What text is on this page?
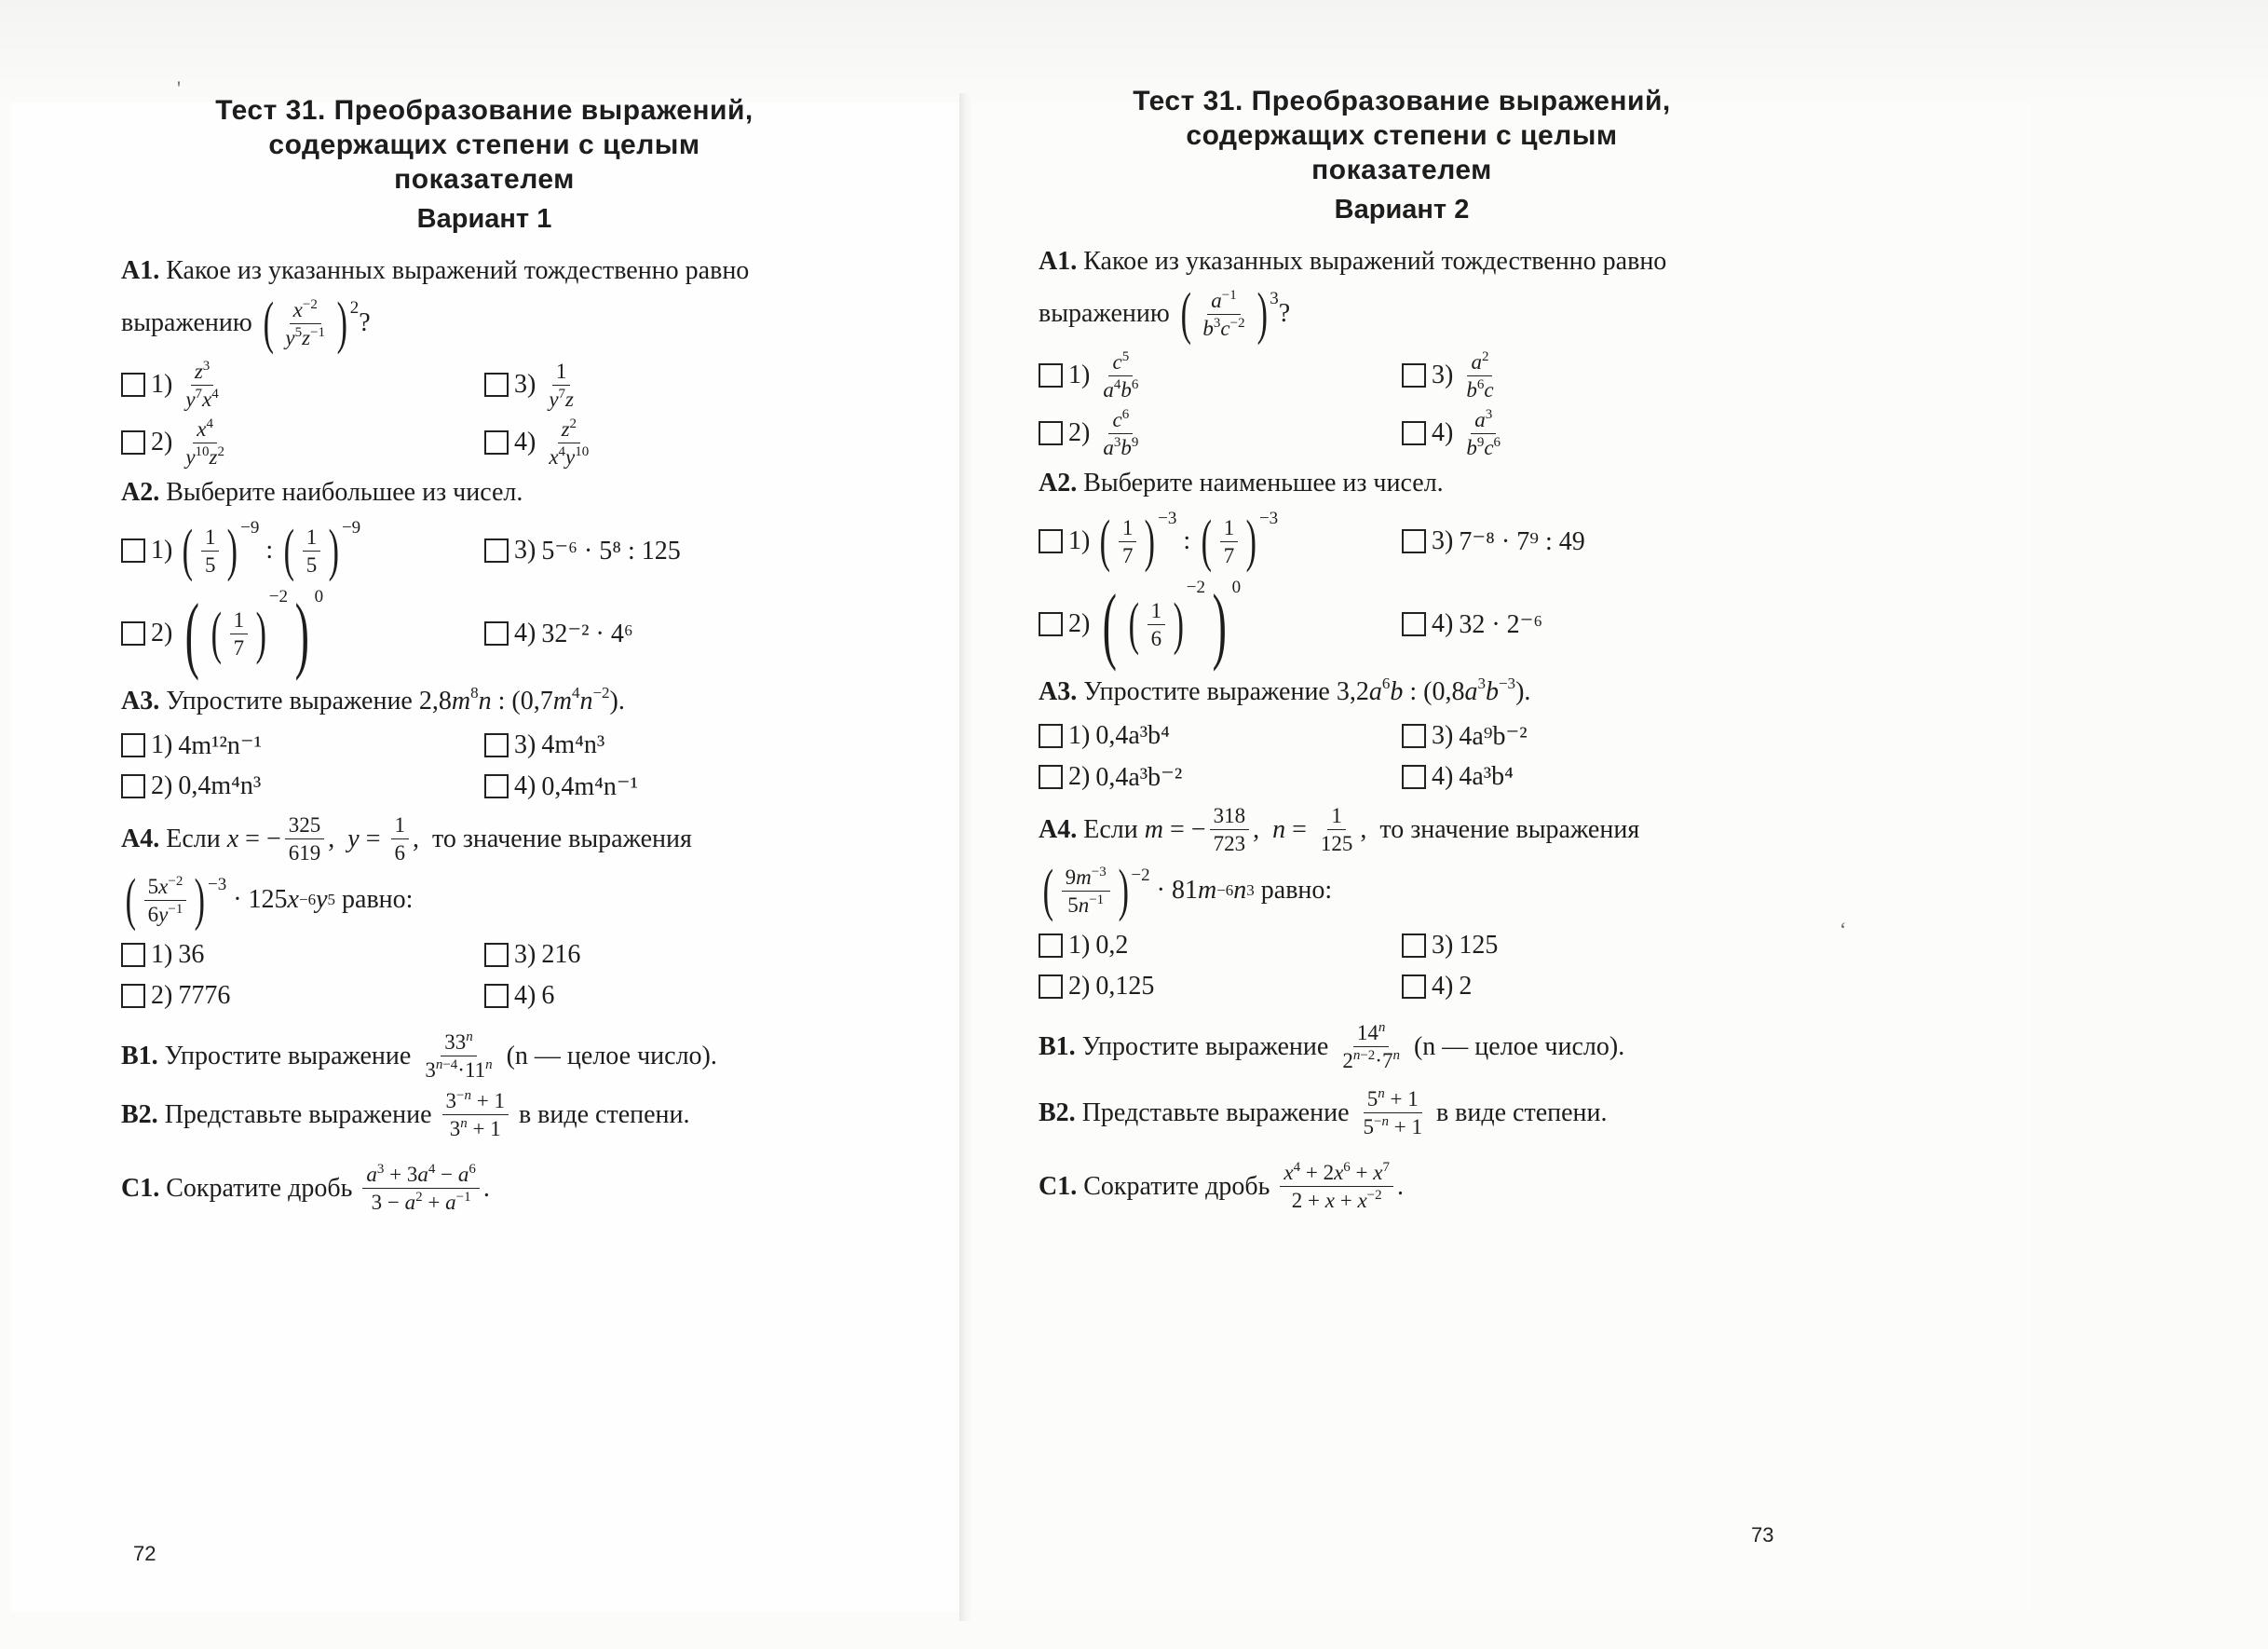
'
‘
Тест 31. Преобразование выражений,
содержащих степени с целым
показателем
Вариант 1
А1. Какое из указанных выражений тождественно равно
выражению
( $\frac{x^{-2}}{y^5z^{-1}}$ ) 2
?
$1) \frac{z^3}{y^7x^4}$	$3) \frac{1}{y^7z}$
$2) \frac{x^4}{y^{10}z^2}$	$4) \frac{z^2}{x^4y^{10}}$
А2. Выберите наибольшее из чисел.
1) ( $\frac{1}{5}$ ) −9
: ( $\frac{1}{5}$ ) −9
3) 5⁻⁶ · 5⁸ : 125
2) ( ( $\frac{1}{7}$ )
−2 ) 0
4) 32⁻² · 4⁶
А3. Упростите выражение $2,8m^8n$ : $(0,7m^4n^{-2})$.
1) 4m¹²n⁻¹	3) 4m⁴n³
2) 0,4m⁴n³	4) 0,4m⁴n⁻¹
А4.
Если
x = − $\frac{325}{619}$ , $y = \frac{1}{6}$ , то значение выражения
( $\frac{5x^{-2}}{6y^{-1}}$ ) −3
· 125 x −6 y 5
равно:
1) 36	3) 216
2) 7776	4) 6
В1.
Упростите выражение
$\frac{33^n}{3^{n-4}\cdot 11^n}$
(n — целое число).
В2.
Представьте выражение
$\frac{3^{-n} + 1}{3^n + 1}$
в виде степени.
С1.
Сократите дробь
$\frac{a^3 + 3a^4 - a^6}{3 - a^2 + a^{-1}}$ .
72
Тест 31. Преобразование выражений,
содержащих степени с целым
показателем
Вариант 2
А1. Какое из указанных выражений тождественно равно
выражению
( $\frac{a^{-1}}{b^3c^{-2}}$ ) 3
?
$1) \frac{c^5}{a^4b^6}$	$3) \frac{a^2}{b^6c}$
$2) \frac{c^6}{a^3b^9}$	$4) \frac{a^3}{b^9c^6}$
А2. Выберите наименьшее из чисел.
1) ( $\frac{1}{7}$ ) −3
: ( $\frac{1}{7}$ ) −3
3) 7⁻⁸ · 7⁹ : 49
2) ( ( $\frac{1}{6}$ )
−2 ) 0
4) 32 · 2⁻⁶
А3. Упростите выражение $3,2a^6b$ : $(0,8a^3b^{-3})$.
1) 0,4a³b⁴	3) 4a⁹b⁻²
2) 0,4a³b⁻²	4) 4a³b⁴
А4.
Если
m = − $\frac{318}{723}$ , $n = \frac{1}{125}$ , то значение выражения
( $\frac{9m^{-3}}{5n^{-1}}$ ) −2
· 81 m −6 n 3
равно:
1) 0,2	3) 125
2) 0,125	4) 2
В1.
Упростите выражение
$\frac{14^n}{2^{n-2}\cdot 7^n}$
(n — целое число).
В2.
Представьте выражение
$\frac{5^n + 1}{5^{-n} + 1}$
в виде степени.
С1.
Сократите дробь
$\frac{x^4 + 2x^6 + x^7}{2 + x + x^{-2}}$ .
73
